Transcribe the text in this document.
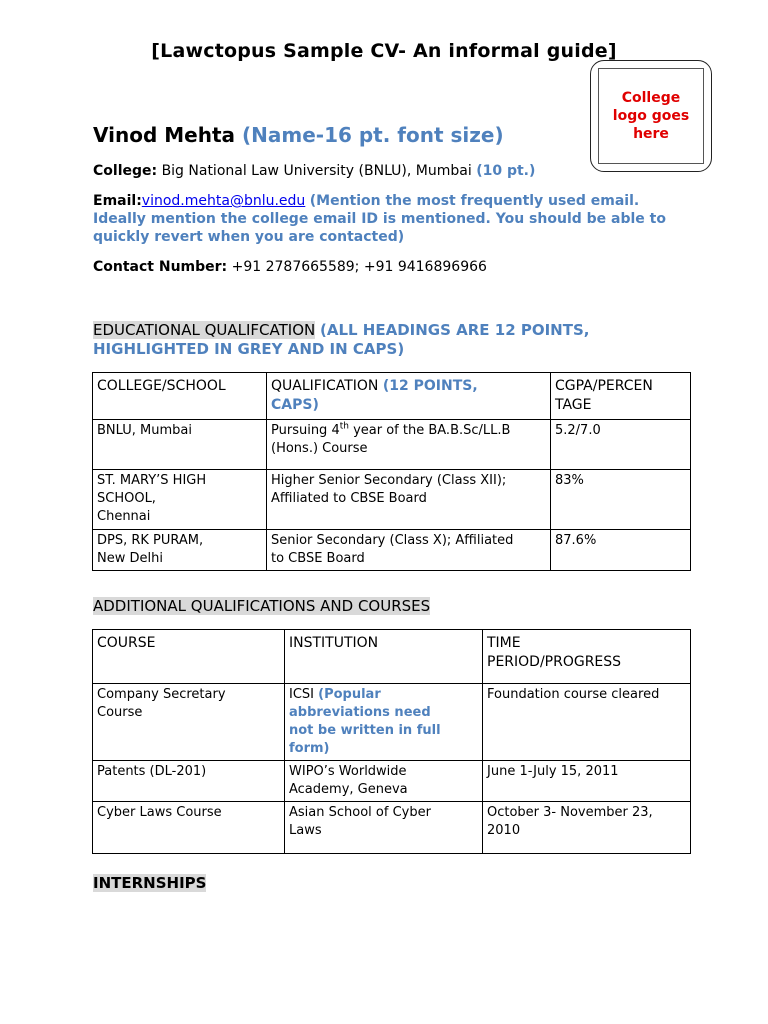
[Lawctopus Sample CV- An informal guide]
College
logo goes
here
Vinod Mehta (Name-16 pt. font size)
College: Big National Law University (BNLU), Mumbai (10 pt.)
Email:vinod.mehta@bnlu.edu (Mention the most frequently used email.
Ideally mention the college email ID is mentioned. You should be able to
quickly revert when you are contacted)
Contact Number: +91 2787665589; +91 9416896966
EDUCATIONAL QUALIFCATION (ALL HEADINGS ARE 12 POINTS,
HIGHLIGHTED IN GREY AND IN CAPS)
COLLEGE/SCHOOL	QUALIFICATION (12 POINTS,
CAPS)	CGPA/PERCEN
TAGE
BNLU, Mumbai	Pursuing 4th year of the BA.B.Sc/LL.B
(Hons.) Course	5.2/7.0
ST. MARY’S HIGH
SCHOOL,
Chennai	Higher Senior Secondary (Class XII);
Affiliated to CBSE Board	83%
DPS, RK PURAM,
New Delhi	Senior Secondary (Class X); Affiliated
to CBSE Board	87.6%
ADDITIONAL QUALIFICATIONS AND COURSES
COURSE	INSTITUTION	TIME
PERIOD/PROGRESS
Company Secretary
Course	ICSI (Popular
abbreviations need
not be written in full
form)	Foundation course cleared
Patents (DL-201)	WIPO’s Worldwide
Academy, Geneva	June 1-July 15, 2011
Cyber Laws Course	Asian School of Cyber
Laws	October 3- November 23,
2010
INTERNSHIPS
